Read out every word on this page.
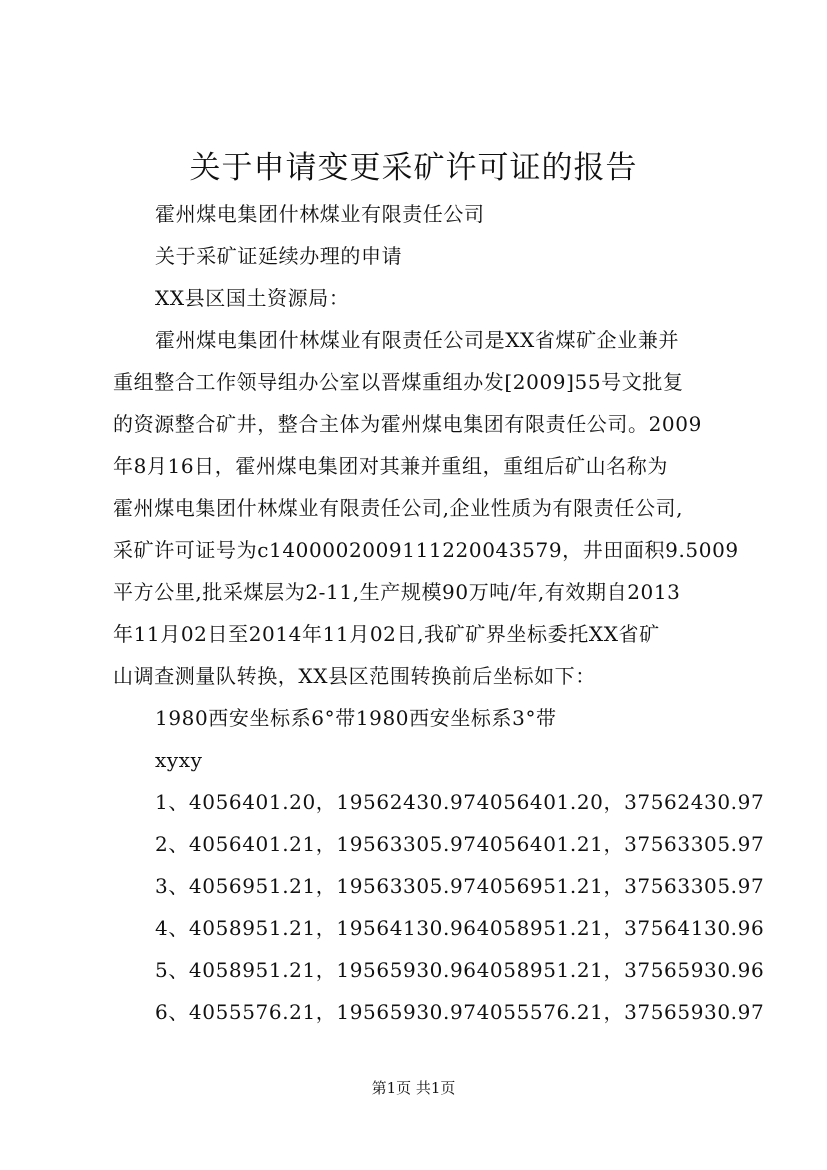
关于申请变更采矿许可证的报告
霍州煤电集团什林煤业有限责任公司
关于采矿证延续办理的申请
XX县区国土资源局：
霍州煤电集团什林煤业有限责任公司是XX省煤矿企业兼并
重组整合工作领导组办公室以晋煤重组办发[2009]55号文批复
的资源整合矿井，整合主体为霍州煤电集团有限责任公司。2009
年8月16日，霍州煤电集团对其兼并重组，重组后矿山名称为
霍州煤电集团什林煤业有限责任公司,企业性质为有限责任公司,
采矿许可证号为c1400002009111220043579，井田面积9.5009
平方公里,批采煤层为2-11,生产规模90万吨/年,有效期自2013
年11月02日至2014年11月02日,我矿矿界坐标委托XX省矿
山调查测量队转换，XX县区范围转换前后坐标如下：
1980西安坐标系6°带1980西安坐标系3°带
xyxy
1、4056401.20，19562430.974056401.20，37562430.97
2、4056401.21，19563305.974056401.21，37563305.97
3、4056951.21，19563305.974056951.21，37563305.97
4、4058951.21，19564130.964058951.21，37564130.96
5、4058951.21，19565930.964058951.21，37565930.96
6、4055576.21，19565930.974055576.21，37565930.97
第1页 共1页
